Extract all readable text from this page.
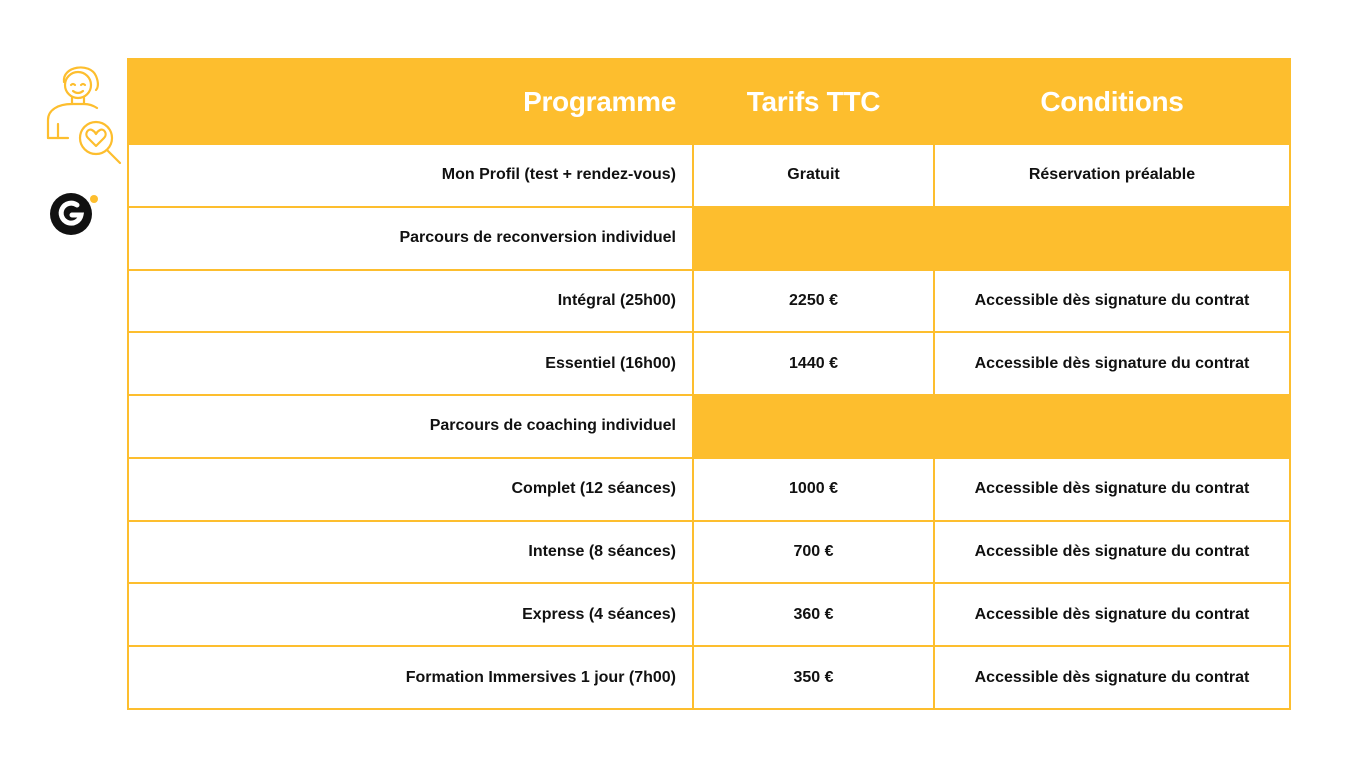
Programme	Tarifs TTC	Conditions
Mon Profil (test + rendez-vous)	Gratuit	Réservation préalable
Parcours de reconversion individuel		
Intégral (25h00)	2250 €	Accessible dès signature du contrat
Essentiel (16h00)	1440 €	Accessible dès signature du contrat
Parcours de coaching individuel		
Complet (12 séances)	1000 €	Accessible dès signature du contrat
Intense (8 séances)	700 €	Accessible dès signature du contrat
Express (4 séances)	360 €	Accessible dès signature du contrat
Formation Immersives 1 jour (7h00)	350 €	Accessible dès signature du contrat
